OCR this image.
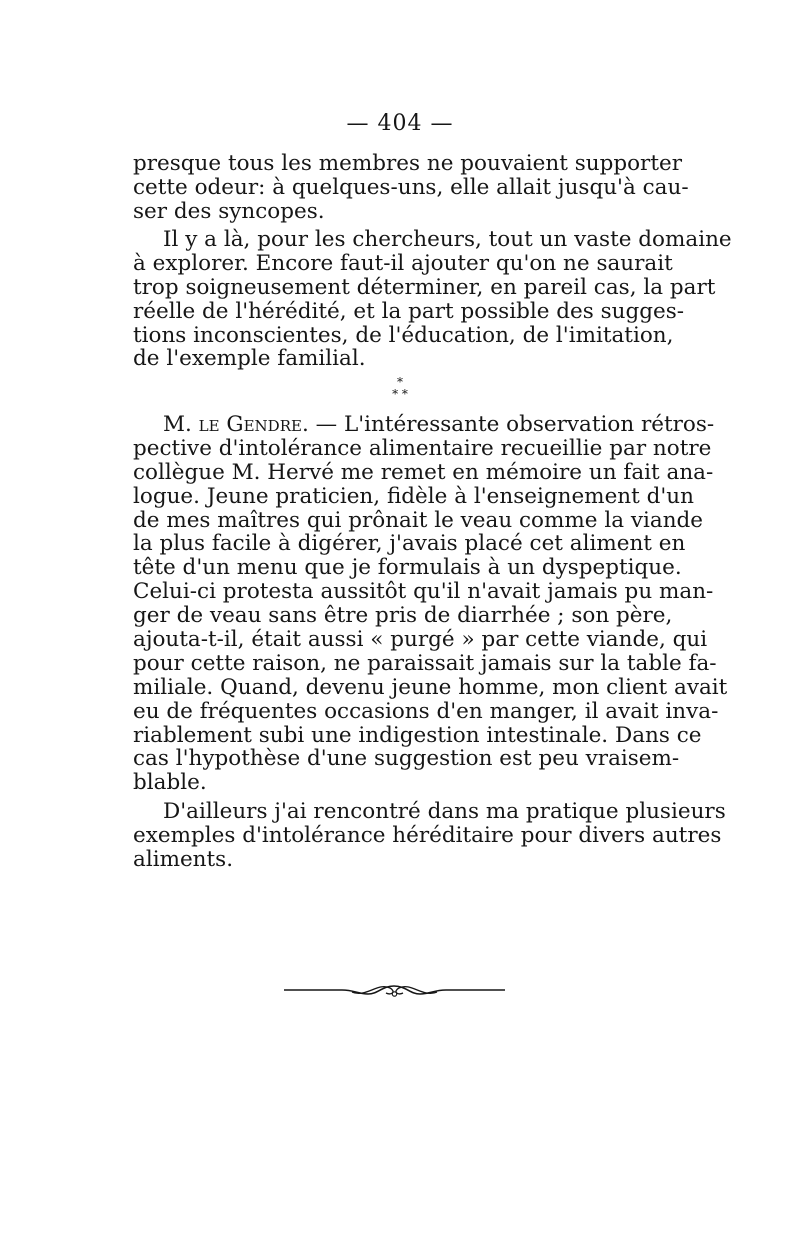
— 404 —
presque tous les membres ne pouvaient supporter
cette odeur: à quelques-uns, elle allait jusqu'à cau-
ser des syncopes.
Il y a là, pour les chercheurs, tout un vaste domaine
à explorer. Encore faut-il ajouter qu'on ne saurait
trop soigneusement déterminer, en pareil cas, la part
réelle de l'hérédité, et la part possible des sugges-
tions inconscientes, de l'éducation, de l'imitation,
de l'exemple familial.
*
* *
M. le Gendre. — L'intéressante observation rétros-
pective d'intolérance alimentaire recueillie par notre
collègue M. Hervé me remet en mémoire un fait ana-
logue. Jeune praticien, fidèle à l'enseignement d'un
de mes maîtres qui prônait le veau comme la viande
la plus facile à digérer, j'avais placé cet aliment en
tête d'un menu que je formulais à un dyspeptique.
Celui-ci protesta aussitôt qu'il n'avait jamais pu man-
ger de veau sans être pris de diarrhée ; son père,
ajouta-t-il, était aussi « purgé » par cette viande, qui
pour cette raison, ne paraissait jamais sur la table fa-
miliale. Quand, devenu jeune homme, mon client avait
eu de fréquentes occasions d'en manger, il avait inva-
riablement subi une indigestion intestinale. Dans ce
cas l'hypothèse d'une suggestion est peu vraisem-
blable.
D'ailleurs j'ai rencontré dans ma pratique plusieurs
exemples d'intolérance héréditaire pour divers autres
aliments.
